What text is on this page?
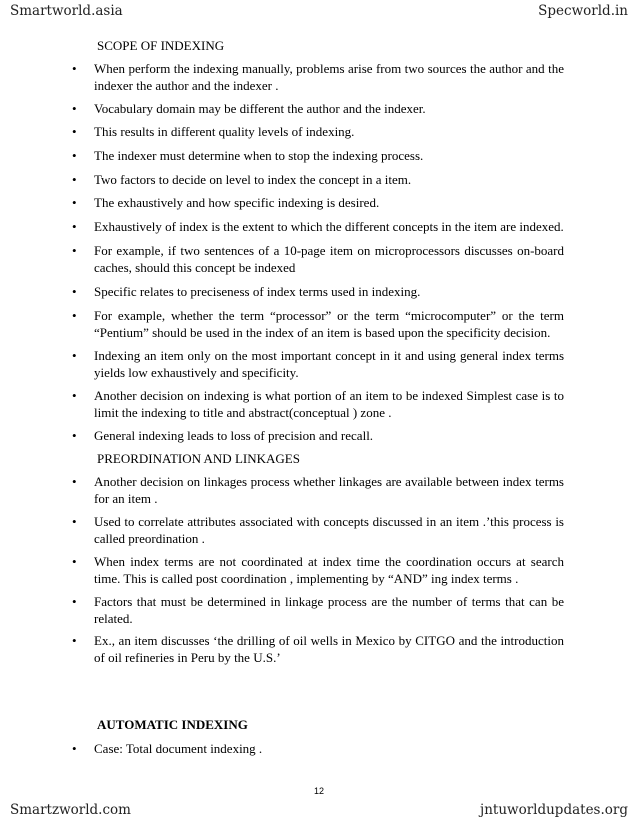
Smartworld.asia	Specworld.in
SCOPE OF INDEXING
•	When perform the indexing manually, problems arise from two sources the author and the indexer the author and the indexer .
•	Vocabulary domain may be different the author and the indexer.
•	This results in different quality levels of indexing.
•	The indexer must determine when to stop the indexing process.
•	Two factors to decide on level to index the concept in a item.
•	The exhaustively and how specific indexing is desired.
•	Exhaustively of index is the extent to which the different concepts in the item are indexed.
•	For example, if two sentences of a 10-page item on microprocessors discusses on-board caches, should this concept be indexed
•	Specific relates to preciseness of index terms used in indexing.
•	For example, whether the term “processor” or the term “microcomputer” or the term “Pentium” should be used in the index of an item is based upon the specificity decision.
•	Indexing an item only on the most important concept in it and using general index terms yields low exhaustively and specificity.
•	Another decision on indexing is what portion of an item to be indexed Simplest case is to limit the indexing to title and abstract(conceptual ) zone .
•	General indexing leads to loss of precision and recall.
PREORDINATION AND LINKAGES
•	Another decision on linkages process whether linkages are available between index terms for an item .
•	Used to correlate attributes associated with concepts discussed in an item .’this process is called preordination .
•	When index terms are not coordinated at index time the coordination occurs at search time. This is called post coordination , implementing by “AND” ing index terms .
•	Factors that must be determined in linkage process are the number of terms that can be related.
•	Ex., an item discusses ‘the drilling of oil wells in Mexico by CITGO and the introduction of oil refineries in Peru by the U.S.’
AUTOMATIC INDEXING
•	Case: Total document indexing .
12
Smartzworld.com	jntuworldupdates.org
